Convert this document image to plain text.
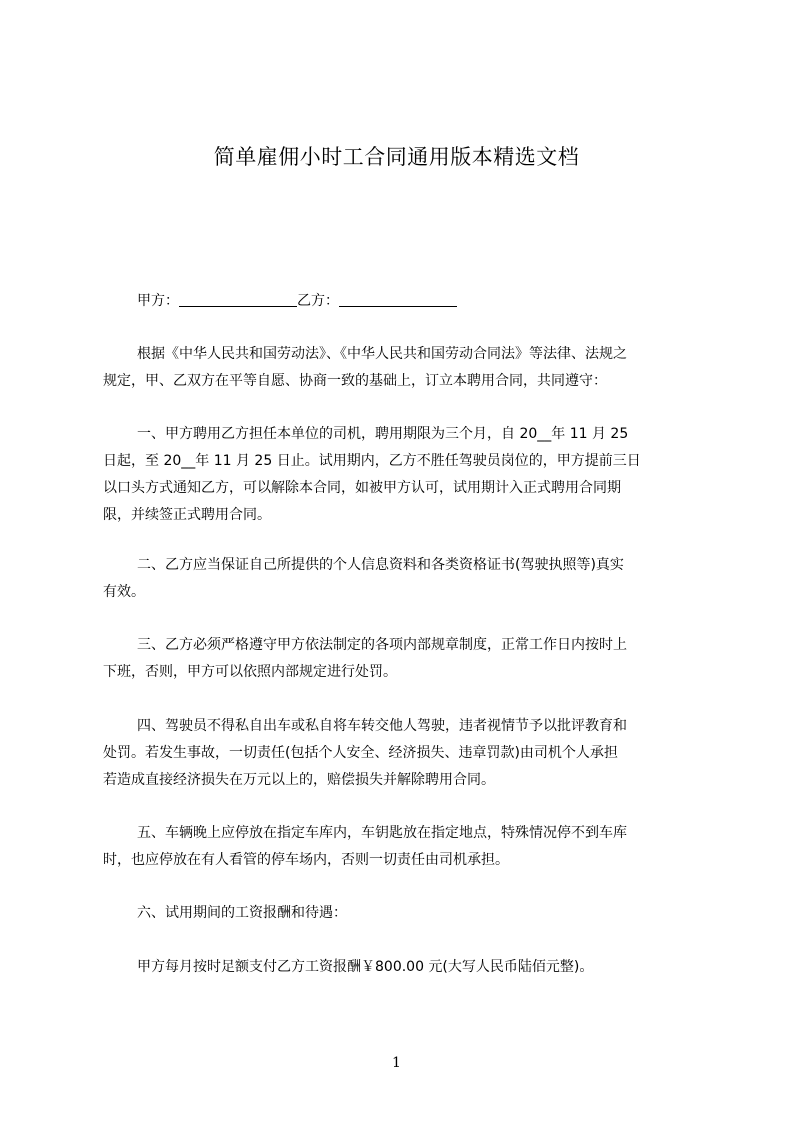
简单雇佣小时工合同通用版本精选文档
甲方：	乙方：
根据《中华人民共和国劳动法》、《中华人民共和国劳动合同法》等法律、法规之
规定，甲、乙双方在平等自愿、协商一致的基础上，订立本聘用合同，共同遵守：
一、甲方聘用乙方担任本单位的司机，聘用期限为三个月，自 20__年 11 月 25
日起，至 20__年 11 月 25 日止。试用期内，乙方不胜任驾驶员岗位的，甲方提前三日
以口头方式通知乙方，可以解除本合同，如被甲方认可，试用期计入正式聘用合同期
限，并续签正式聘用合同。
二、乙方应当保证自己所提供的个人信息资料和各类资格证书(驾驶执照等)真实
有效。
三、乙方必须严格遵守甲方依法制定的各项内部规章制度，正常工作日内按时上
下班，否则，甲方可以依照内部规定进行处罚。
四、驾驶员不得私自出车或私自将车转交他人驾驶，违者视情节予以批评教育和
处罚。若发生事故，一切责任(包括个人安全、经济损失、违章罚款)由司机个人承担
若造成直接经济损失在万元以上的，赔偿损失并解除聘用合同。
五、车辆晚上应停放在指定车库内，车钥匙放在指定地点，特殊情况停不到车库
时，也应停放在有人看管的停车场内，否则一切责任由司机承担。
六、试用期间的工资报酬和待遇：
甲方每月按时足额支付乙方工资报酬￥800.00 元(大写人民币陆佰元整)。
1
